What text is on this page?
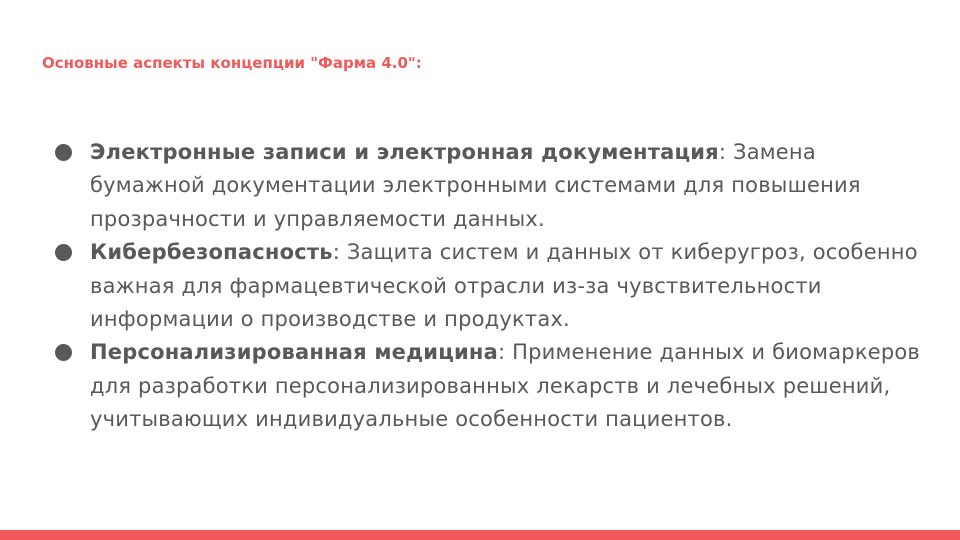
Основные аспекты концепции "Фарма 4.0":
Электронные записи и электронная документация: Замена бумажной документации электронными системами для повышения прозрачности и управляемости данных.
Кибербезопасность: Защита систем и данных от киберугроз, особенно важная для фармацевтической отрасли из-за чувствительности информации о производстве и продуктах.
Персонализированная медицина: Применение данных и биомаркеров для разработки персонализированных лекарств и лечебных решений, учитывающих индивидуальные особенности пациентов.
